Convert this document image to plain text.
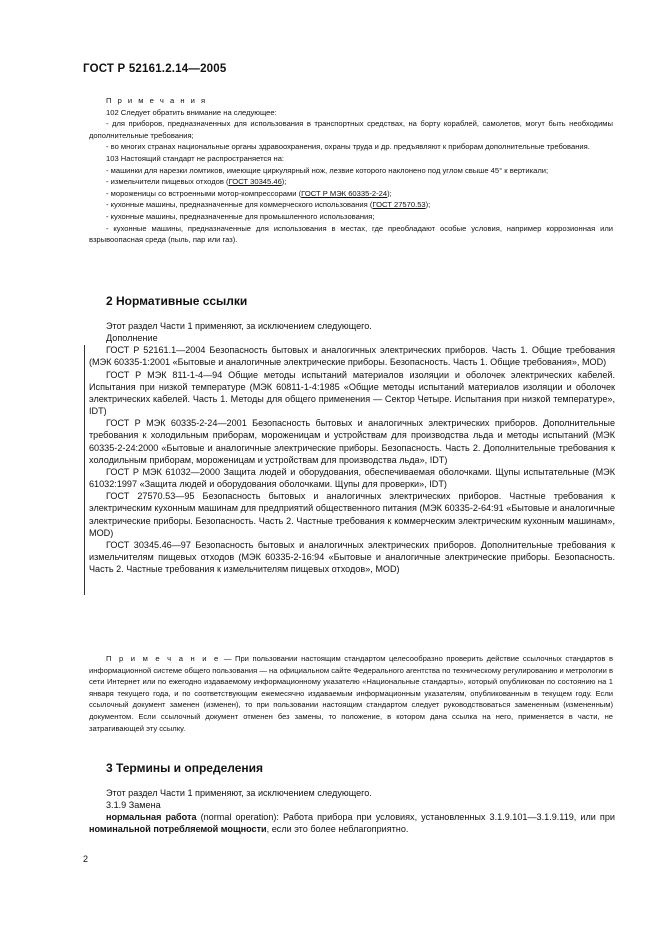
ГОСТ Р 52161.2.14—2005

П р и м е ч а н и я

102 Следует обратить внимание на следующее:

- для приборов, предназначенных для использования в транспортных средствах, на борту кораблей, самолетов, могут быть необходимы дополнительные требования;

- во многих странах национальные органы здравоохранения, охраны труда и др. предъявляют к приборам дополнительные требования.

103 Настоящий стандарт не распространяется на:

- машинки для нарезки ломтиков, имеющие циркулярный нож, лезвие которого наклонено под углом свыше 45° к вертикали;

- измельчители пищевых отходов (ГОСТ 30345.46);

- мороженицы со встроенными мотор-компрессорами (ГОСТ Р МЭК 60335-2-24);

- кухонные машины, предназначенные для коммерческого использования (ГОСТ 27570.53);

- кухонные машины, предназначенные для промышленного использования;

- кухонные машины, предназначенные для использования в местах, где преобладают особые условия, например коррозионная или взрывоопасная среда (пыль, пар или газ).

2 Нормативные ссылки

Этот раздел Части 1 применяют, за исключением следующего.

Дополнение

ГОСТ Р 52161.1—2004 Безопасность бытовых и аналогичных электрических приборов. Часть 1. Общие требования (МЭК 60335-1:2001 «Бытовые и аналогичные электрические приборы. Безопасность. Часть 1. Общие требования», MOD)

ГОСТ Р МЭК 811-1-4—94 Общие методы испытаний материалов изоляции и оболочек электрических кабелей. Испытания при низкой температуре (МЭК 60811-1-4:1985 «Общие методы испытаний материалов изоляции и оболочек электрических кабелей. Часть 1. Методы для общего применения — Сектор Четыре. Испытания при низкой температуре», IDT)

ГОСТ Р МЭК 60335-2-24—2001 Безопасность бытовых и аналогичных электрических приборов. Дополнительные требования к холодильным приборам, мороженицам и устройствам для производства льда и методы испытаний (МЭК 60335-2-24:2000 «Бытовые и аналогичные электрические приборы. Безопасность. Часть 2. Дополнительные требования к холодильным приборам, мороженицам и устройствам для производства льда», IDT)

ГОСТ Р МЭК 61032—2000 Защита людей и оборудования, обеспечиваемая оболочками. Щупы испытательные (МЭК 61032:1997 «Защита людей и оборудования оболочками. Щупы для проверки», IDT)

ГОСТ 27570.53—95 Безопасность бытовых и аналогичных электрических приборов. Частные требования к электрическим кухонным машинам для предприятий общественного питания (МЭК 60335-2-64:91 «Бытовые и аналогичные электрические приборы. Безопасность. Часть 2. Частные требования к коммерческим электрическим кухонным машинам», MOD)

ГОСТ 30345.46—97 Безопасность бытовых и аналогичных электрических приборов. Дополнительные требования к измельчителям пищевых отходов (МЭК 60335-2-16:94 «Бытовые и аналогичные электрические приборы. Безопасность. Часть 2. Частные требования к измельчителям пищевых отходов», MOD)

П р и м е ч а н и е — При пользовании настоящим стандартом целесообразно проверить действие ссылочных стандартов в информационной системе общего пользования — на официальном сайте Федерального агентства по техническому регулированию и метрологии в сети Интернет или по ежегодно издаваемому информационному указателю «Национальные стандарты», который опубликован по состоянию на 1 января текущего года, и по соответствующим ежемесячно издаваемым информационным указателям, опубликованным в текущем году. Если ссылочный документ заменен (изменен), то при пользовании настоящим стандартом следует руководствоваться замененным (измененным) документом. Если ссылочный документ отменен без замены, то положение, в котором дана ссылка на него, применяется в части, не затрагивающей эту ссылку.

3 Термины и определения

Этот раздел Части 1 применяют, за исключением следующего.

3.1.9 Замена

нормальная работа (normal operation): Работа прибора при условиях, установленных 3.1.9.101—3.1.9.119, или при номинальной потребляемой мощности, если это более неблагоприятно.

2
